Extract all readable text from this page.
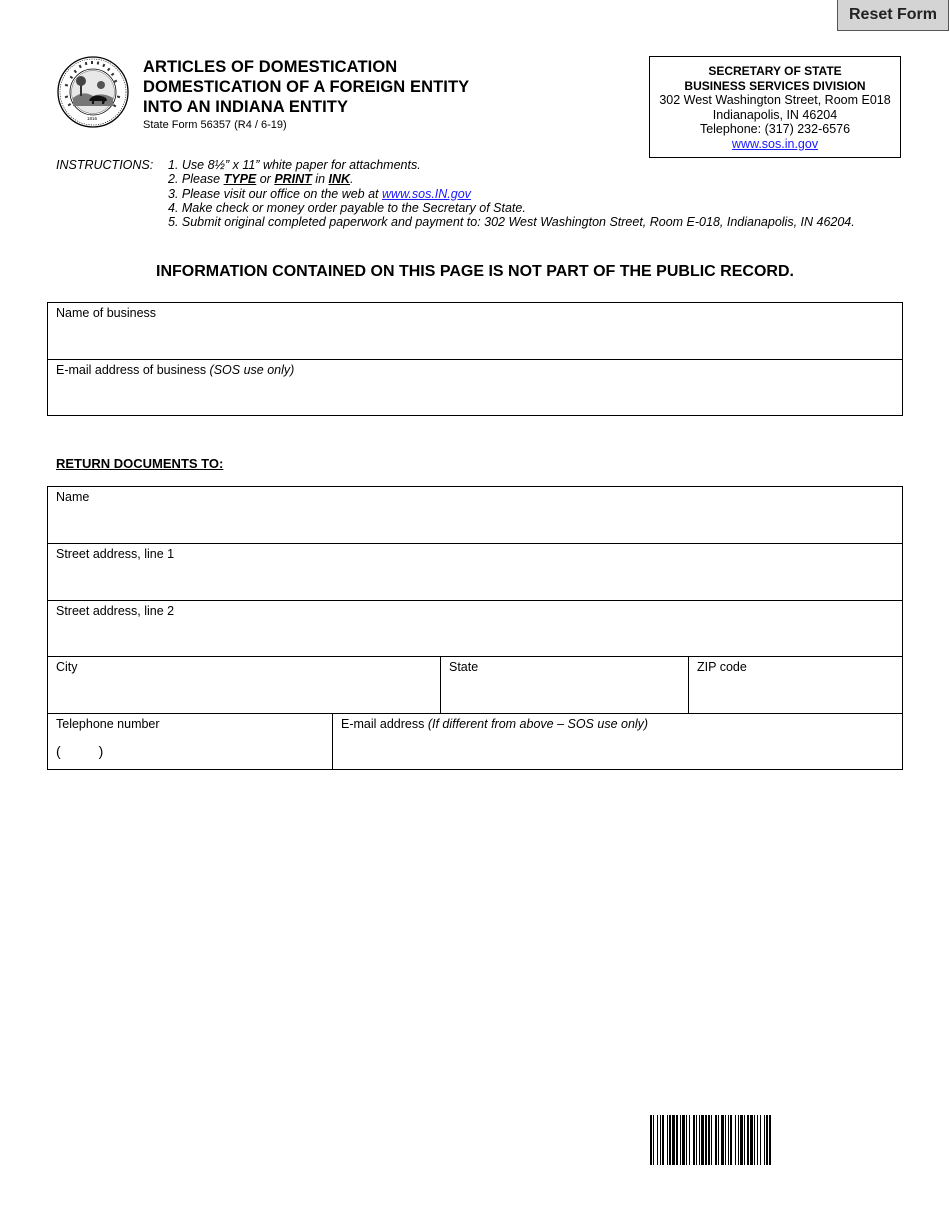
Reset Form
1816
ARTICLES OF DOMESTICATION
DOMESTICATION OF A FOREIGN ENTITY
INTO AN INDIANA ENTITY
State Form 56357 (R4 / 6-19)
SECRETARY OF STATE
BUSINESS SERVICES DIVISION
302 West Washington Street, Room E018
Indianapolis, IN 46204
Telephone: (317) 232-6576
www.sos.in.gov
INSTRUCTIONS: 1. Use 8½” x 11” white paper for attachments.
2. Please TYPE or PRINT in INK.
3. Please visit our office on the web at www.sos.IN.gov
4. Make check or money order payable to the Secretary of State.
5. Submit original completed paperwork and payment to: 302 West Washington Street, Room E-018, Indianapolis, IN 46204.
INFORMATION CONTAINED ON THIS PAGE IS NOT PART OF THE PUBLIC RECORD.
Name of business
E-mail address of business (SOS use only)
RETURN DOCUMENTS TO:
Name
Street address, line 1
Street address, line 2
City	State	ZIP code
Telephone number
(	)
E-mail address (If different from above – SOS use only)
